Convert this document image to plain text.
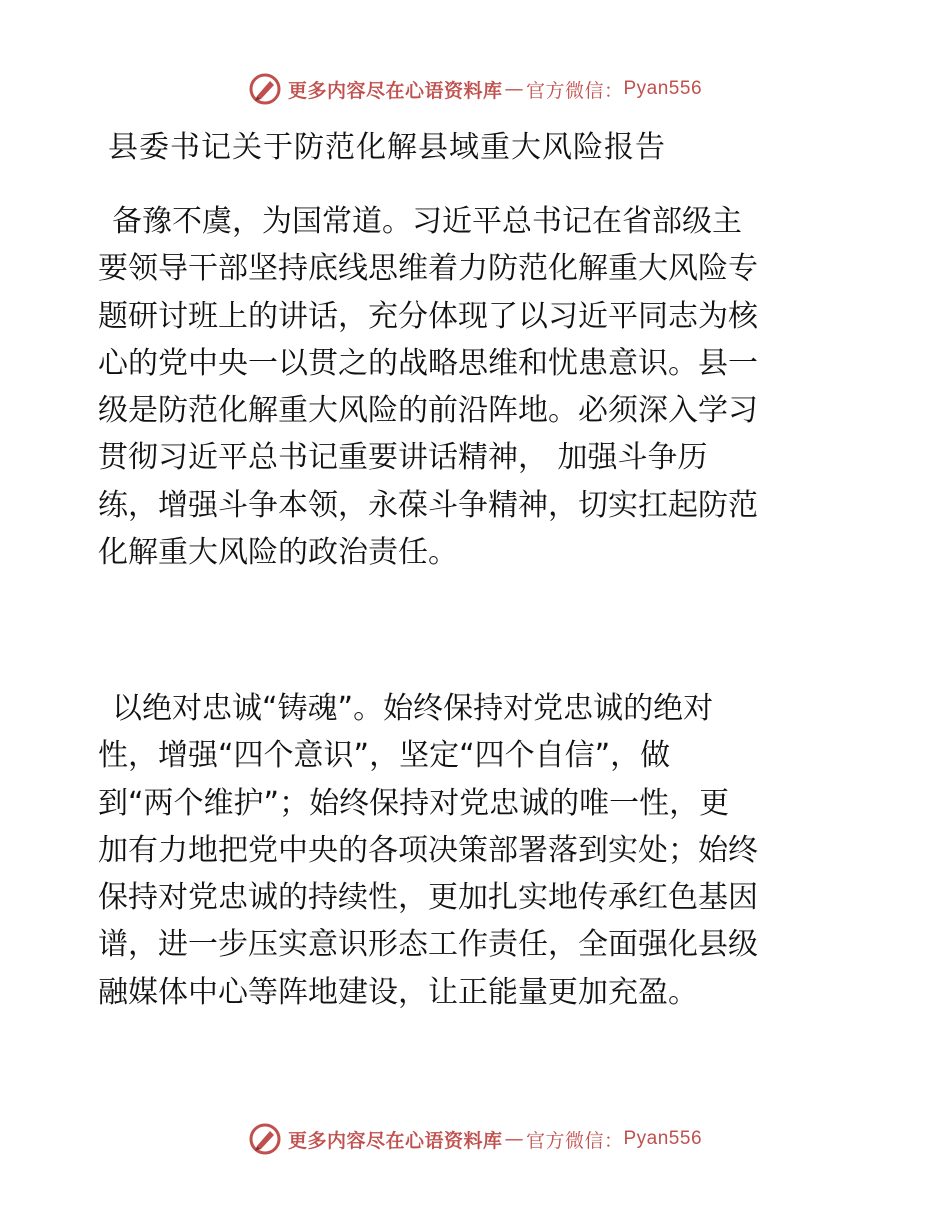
更多内容尽在心语资料库 — 官方微信： Pyan556
县委书记关于防范化解县域重大风险报告
备豫不虞，为国常道。习近平总书记在省部级主
要领导干部坚持底线思维着力防范化解重大风险专
题研讨班上的讲话，充分体现了以习近平同志为核
心的党中央一以贯之的战略思维和忧患意识。县一
级是防范化解重大风险的前沿阵地。必须深入学习
贯彻习近平总书记重要讲话精神， 加强斗争历
练，增强斗争本领，永葆斗争精神，切实扛起防范
化解重大风险的政治责任。
以绝对忠诚“铸魂”。始终保持对党忠诚的绝对
性，增强“四个意识”，坚定“四个自信”，做
到“两个维护”；始终保持对党忠诚的唯一性，更
加有力地把党中央的各项决策部署落到实处；始终
保持对党忠诚的持续性，更加扎实地传承红色基因
谱，进一步压实意识形态工作责任，全面强化县级
融媒体中心等阵地建设，让正能量更加充盈。
更多内容尽在心语资料库 — 官方微信： Pyan556
